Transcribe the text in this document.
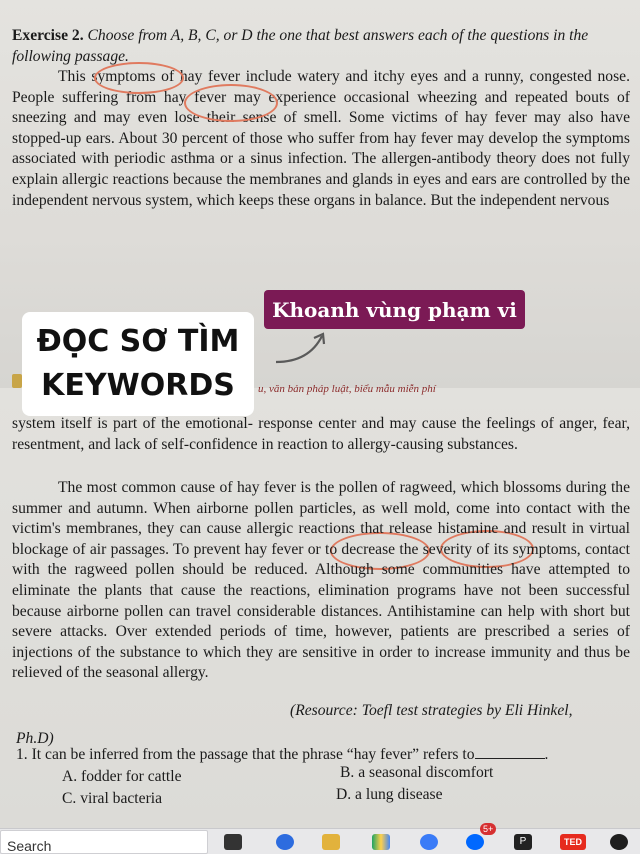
Exercise 2. Choose from A, B, C, or D the one that best answers each of the questions in the following passage.

This symptoms of hay fever include watery and itchy eyes and a runny, congested nose. People suffering from hay fever may experience occasional wheezing and repeated bouts of sneezing and may even lose their sense of smell. Some victims of hay fever may also have stopped-up ears. About 30 percent of those who suffer from hay fever may develop the symptoms associated with periodic asthma or a sinus infection. The allergen-antibody theory does not fully explain allergic reactions because the membranes and glands in eyes and ears are controlled by the independent nervous system, which keeps these organs in balance. But the independent nervous

Khoanh vùng phạm vi
ĐỌC SƠ TÌM
KEYWORDS	u, văn bản pháp luật, biểu mẫu miễn phí

system itself is part of the emotional- response center and may cause the feelings of anger, fear, resentment, and lack of self-confidence in reaction to allergy-causing substances.

The most common cause of hay fever is the pollen of ragweed, which blossoms during the summer and autumn. When airborne pollen particles, as well mold, come into contact with the victim's membranes, they can cause allergic reactions that release histamine and result in virtual blockage of air passages. To prevent hay fever or to decrease the severity of its symptoms, contact with the ragweed pollen should be reduced. Although some communities have attempted to eliminate the plants that cause the reactions, elimination programs have not been successful because airborne pollen can travel considerable distances. Antihistamine can help with short but severe attacks. Over extended periods of time, however, patients are prescribed a series of injections of the substance to which they are sensitive in order to increase immunity and thus be relieved of the seasonal allergy.

(Resource: Toefl test strategies by Eli Hinkel,
Ph.D)
1. It can be inferred from the passage that the phrase “hay fever” refers to	.
A. fodder for cattle	B. a seasonal discomfort
C. viral bacteria	D. a lung disease
Search
5+
P	TED
